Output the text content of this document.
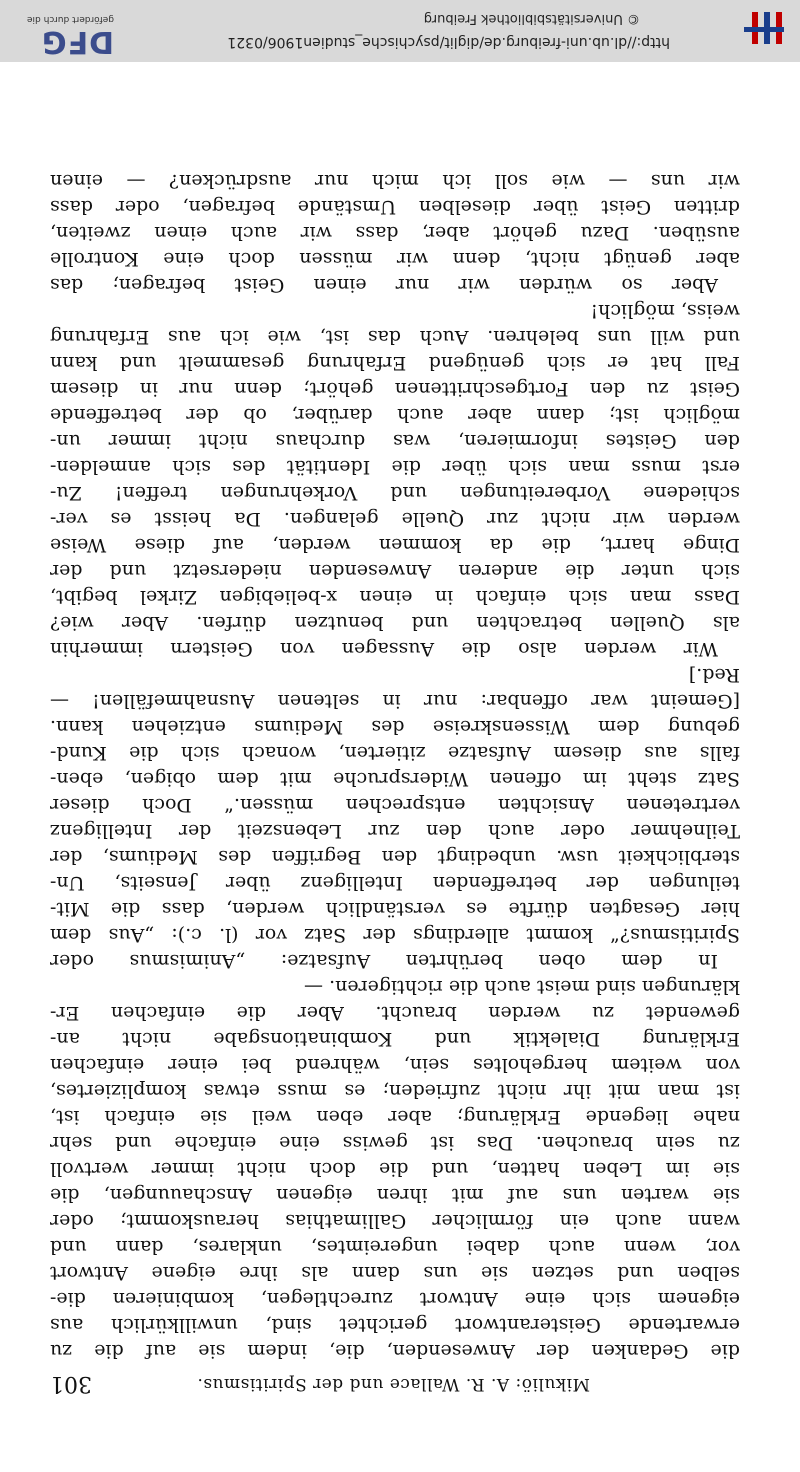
Mikuliö: A. R. Wallace und der Spiritismus.
301
die Gedanken der Anwesenden, die, indem sie auf die zu
erwartende Geisterantwort gerichtet sind, unwillkürlich aus
eigenem sich eine Antwort zurechtlegen, kombinieren die-
selben und setzen sie uns dann als ihre eigene Antwort
vor, wenn auch dabei ungereimtes, unklares, dann und
wann auch ein förmlicher Gallimathias herauskommt; oder
sie warten uns auf mit ihren eigenen Anschauungen, die
sie im Leben hatten, und die doch nicht immer wertvoll
zu sein brauchen. Das ist gewiss eine einfache und sehr
nahe liegende Erklärung; aber eben weil sie einfach ist,
ist man mit ihr nicht zufrieden; es muss etwas kompliziertes,
von weitem hergeholtes sein, während bei einer einfachen
Erklärung Dialektik und Kombinationsgabe nicht an-
gewendet zu werden braucht. Aber die einfachen Er-
klärungen sind meist auch die richtigeren. —
In dem oben berührten Aufsatze: „Animismus oder
Spiritismus?“ kommt allerdings der Satz vor (l. c.): „Aus dem
hier Gesagten dürfte es verständlich werden, dass die Mit-
teilungen der betreffenden Intelligenz über Jenseits, Un-
sterblichkeit usw. unbedingt den Begriffen des Mediums, der
Teilnehmer oder auch den zur Lebenszeit der Intelligenz
vertretenen Ansichten entsprechen müssen.“ Doch dieser
Satz steht im offenen Widerspruche mit dem obigen, eben-
falls aus diesem Aufsatze zitierten, wonach sich die Kund-
gebung dem Wissenskreise des Mediums entziehen kann.
[Gemeint war offenbar: nur in seltenen Ausnahmefällen! —
Red.]
Wir werden also die Aussagen von Geistern immerhin
als Quellen betrachten und benutzen dürfen. Aber wie?
Dass man sich einfach in einen x-beliebigen Zirkel begibt,
sich unter die anderen Anwesenden niedersetzt und der
Dinge harrt, die da kommen werden, auf diese Weise
werden wir nicht zur Quelle gelangen. Da heisst es ver-
schiedene Vorbereitungen und Vorkehrungen treffen! Zu-
erst muss man sich über die Identität des sich anmelden-
den Geistes informieren, was durchaus nicht immer un-
möglich ist; dann aber auch darüber, ob der betreffende
Geist zu den Fortgeschrittenen gehört; denn nur in diesem
Fall hat er sich genügend Erfahrung gesammelt und kann
und will uns belehren. Auch das ist, wie ich aus Erfahrung
weiss, möglich!
Aber so würden wir nur einen Geist befragen; das
aber genügt nicht, denn wir müssen doch eine Kontrolle
ausüben. Dazu gehört aber, dass wir auch einen zweiten,
dritten Geist über dieselben Umstände befragen, oder dass
wir uns — wie soll ich mich nur ausdrücken? — einen
http://dl.ub.uni-freiburg.de/diglit/psychische_studien1906/0321
© Universitätsbibliothek Freiburg
DFG
gefördert durch die
